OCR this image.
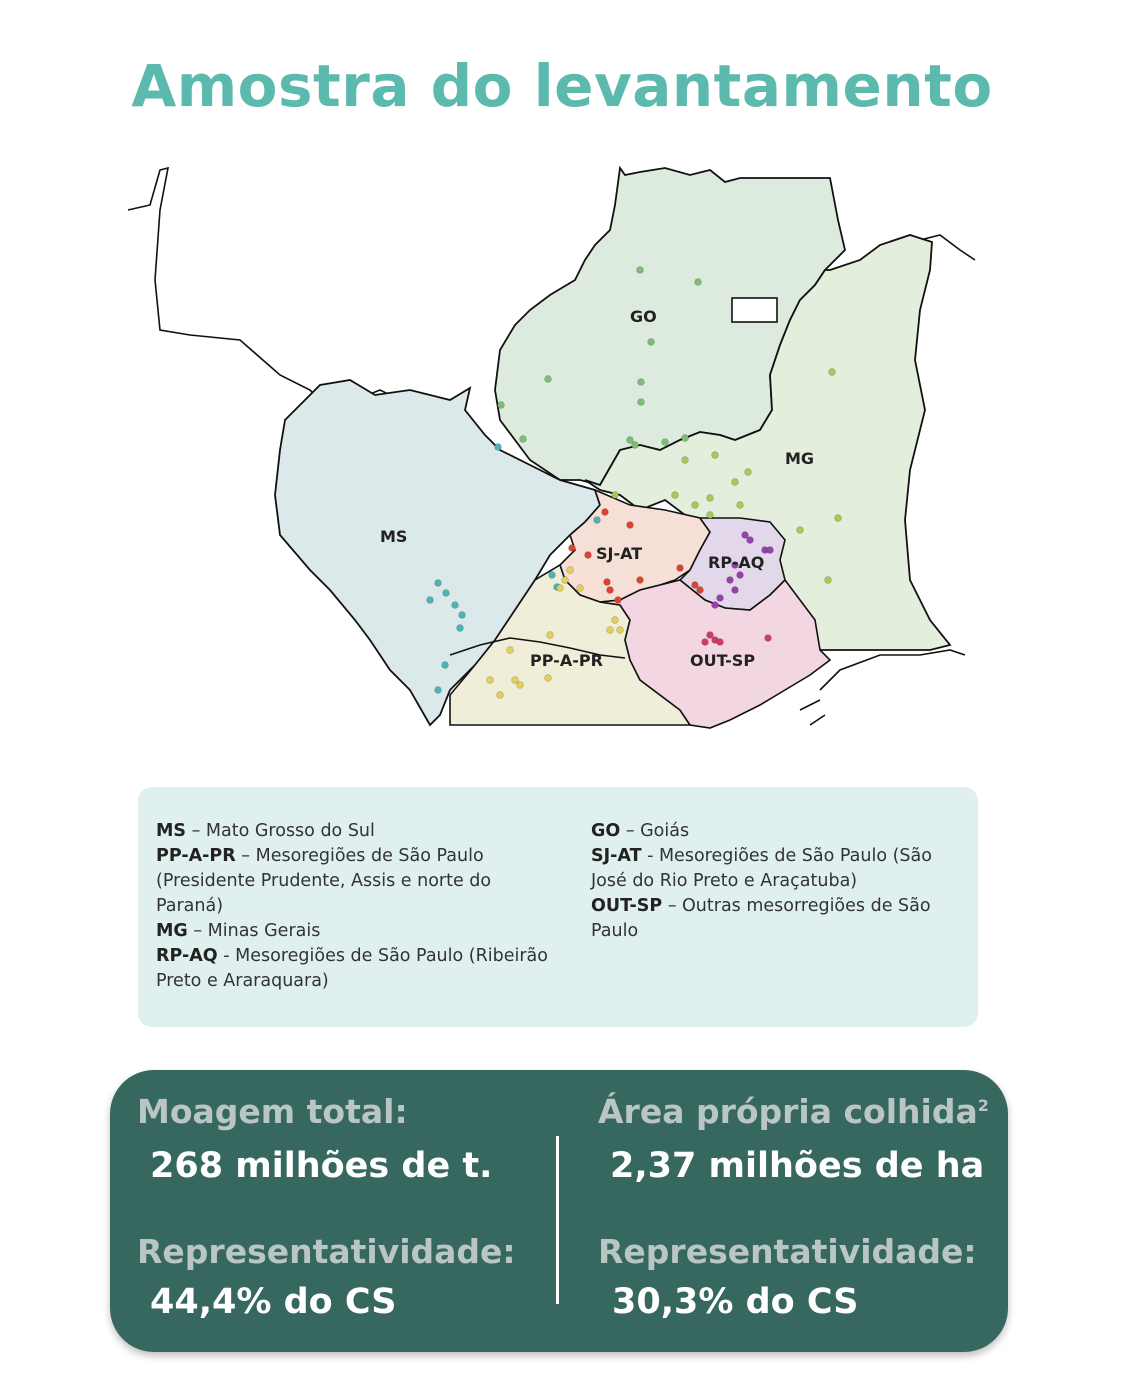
Amostra do levantamento
GO
MG
MS
SJ-AT	RP-AQ
PP-A-PR	OUT-SP
MS – Mato Grosso do Sul
PP-A-PR – Mesoregiões de São Paulo (Presidente Prudente, Assis e norte do Paraná)
MG – Minas Gerais
RP-AQ - Mesoregiões de São Paulo (Ribeirão Preto e Araraquara)
GO – Goiás
SJ-AT - Mesoregiões de São Paulo (São José do Rio Preto e Araçatuba)
OUT-SP – Outras mesorregiões de São Paulo
Moagem total:
268 milhões de t.
Representatividade:
44,4% do CS
Área própria colhida$^2$
2,37 milhões de ha
Representatividade:
30,3% do CS
